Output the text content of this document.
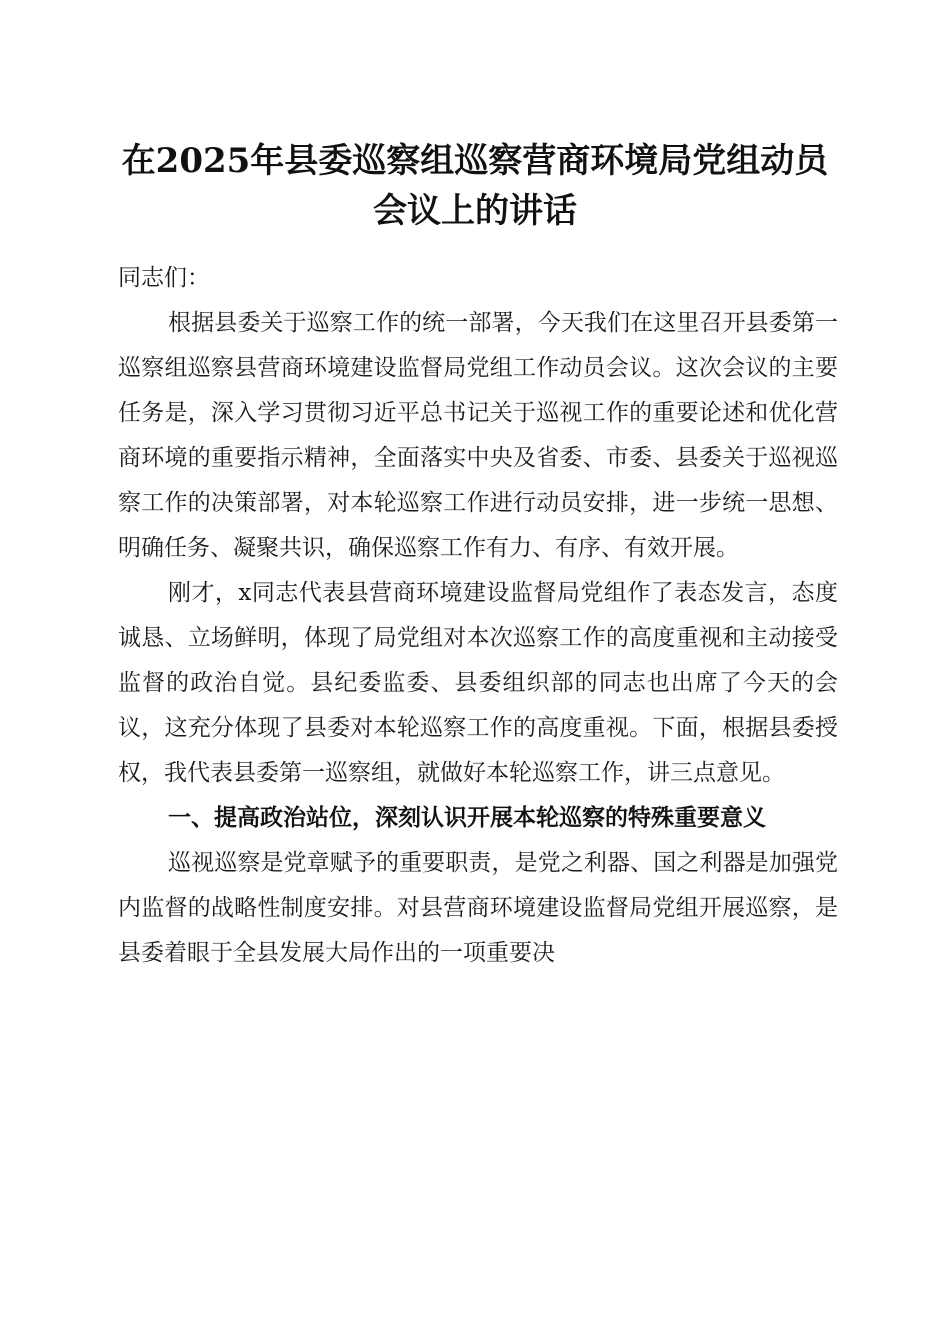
在2025年县委巡察组巡察营商环境局党组动员会议上的讲话

同志们：

根据县委关于巡察工作的统一部署，今天我们在这里召开县委第一巡察组巡察县营商环境建设监督局党组工作动员会议。这次会议的主要任务是，深入学习贯彻习近平总书记关于巡视工作的重要论述和优化营商环境的重要指示精神，全面落实中央及省委、市委、县委关于巡视巡察工作的决策部署，对本轮巡察工作进行动员安排，进一步统一思想、明确任务、凝聚共识，确保巡察工作有力、有序、有效开展。

刚才，x同志代表县营商环境建设监督局党组作了表态发言，态度诚恳、立场鲜明，体现了局党组对本次巡察工作的高度重视和主动接受监督的政治自觉。县纪委监委、县委组织部的同志也出席了今天的会议，这充分体现了县委对本轮巡察工作的高度重视。下面，根据县委授权，我代表县委第一巡察组，就做好本轮巡察工作，讲三点意见。

一、提高政治站位，深刻认识开展本轮巡察的特殊重要意义

巡视巡察是党章赋予的重要职责，是党之利器、国之利器是加强党内监督的战略性制度安排。对县营商环境建设监督局党组开展巡察，是县委着眼于全县发展大局作出的一项重要决
